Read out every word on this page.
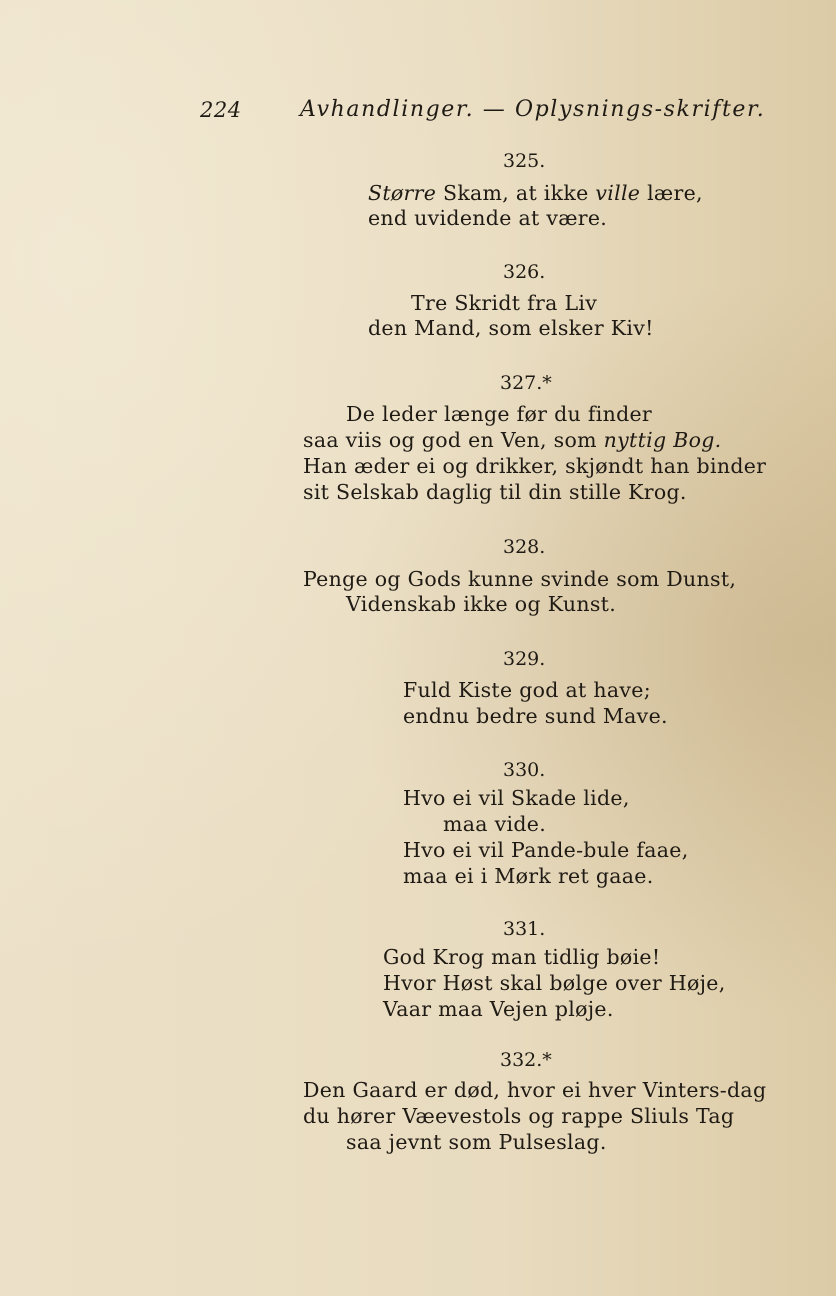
224	Avhandlinger. — Oplysnings-skrifter.
325.
Større Skam, at ikke ville lære,
end uvidende at være.
326.
Tre Skridt fra Liv
den Mand, som elsker Kiv!
327.*
De leder længe før du finder
saa viis og god en Ven, som nyttig Bog.
Han æder ei og drikker, skjøndt han binder
sit Selskab daglig til din stille Krog.
328.
Penge og Gods kunne svinde som Dunst,
Videnskab ikke og Kunst.
329.
Fuld Kiste god at have;
endnu bedre sund Mave.
330.
Hvo ei vil Skade lide,
maa vide.
Hvo ei vil Pande-bule faae,
maa ei i Mørk ret gaae.
331.
God Krog man tidlig bøie!
Hvor Høst skal bølge over Høje,
Vaar maa Vejen pløje.
332.*
Den Gaard er død, hvor ei hver Vinters-dag
du hører Væevestols og rappe Sliuls Tag
saa jevnt som Pulseslag.
